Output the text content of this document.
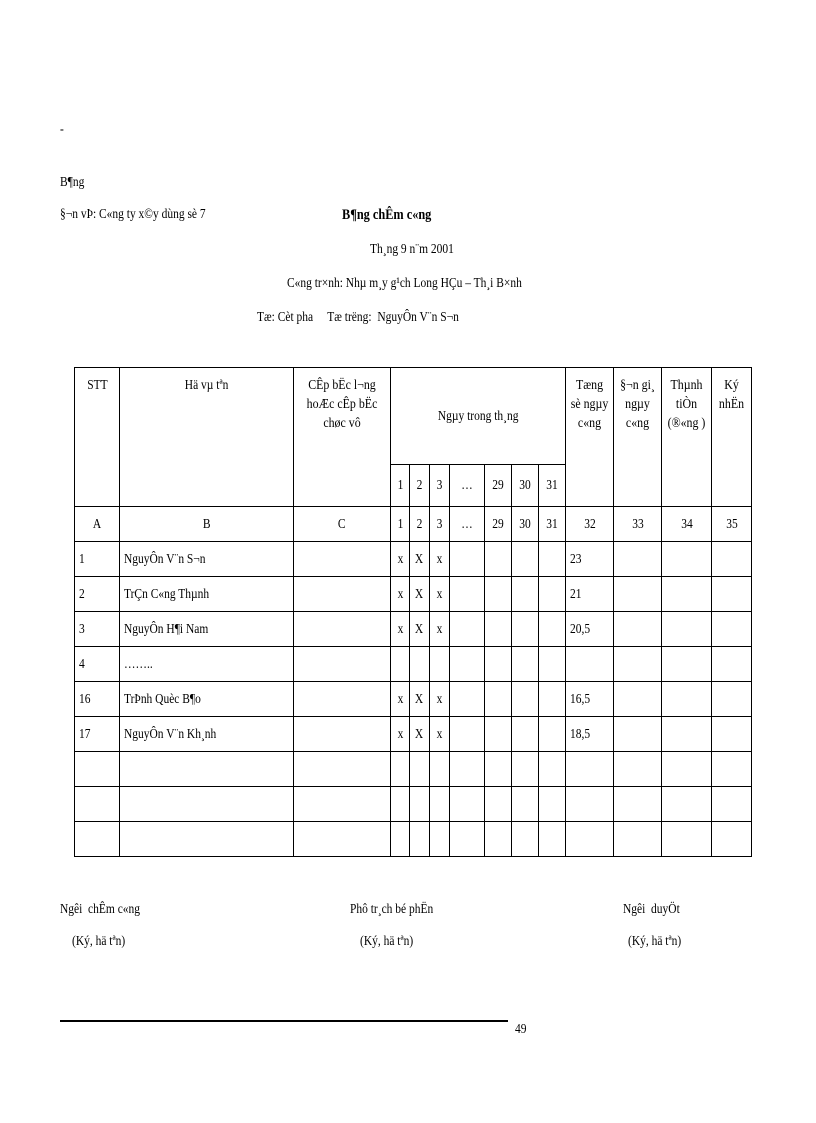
-
B¶ng
§¬n vÞ: C«ng ty x©y dùng sè 7	B¶ng chÊm c«ng
Th¸ng 9 n¨m 2001
C«ng tr×nh: Nhµ m¸y g¹ch Long HÇu – Th¸i B×nh
Tæ: Cèt pha     Tæ trëng:  NguyÔn V¨n S¬n
STT	Hä vµ tªn	CÊp bËc l¬ng hoÆc cÊp bËc chøc vô	Ngµy trong th¸ng							Tæng sè ngµy c«ng	§¬n gi¸ ngµy c«ng	Thµnh tiÒn (®«ng )	Ký nhËn

			1	2	3	…	29	30	31				
A	B	C	1	2	3	…	29	30	31	32	33	34	35
1	NguyÔn V¨n S¬n		x	X	x					23			
2	TrÇn C«ng Thµnh		x	X	x					21			
3	NguyÔn H¶i Nam		x	X	x					20,5			
4	……..												
16	TrÞnh Quèc B¶o		x	X	x					16,5			
17	NguyÔn V¨n Kh¸nh		x	X	x					18,5			

Ngêi  chÊm c«ng
(Ký, hä tªn)
Phô tr¸ch bé phËn
(Ký, hä tªn)
Ngêi  duyÖt
(Ký, hä tªn)
49
